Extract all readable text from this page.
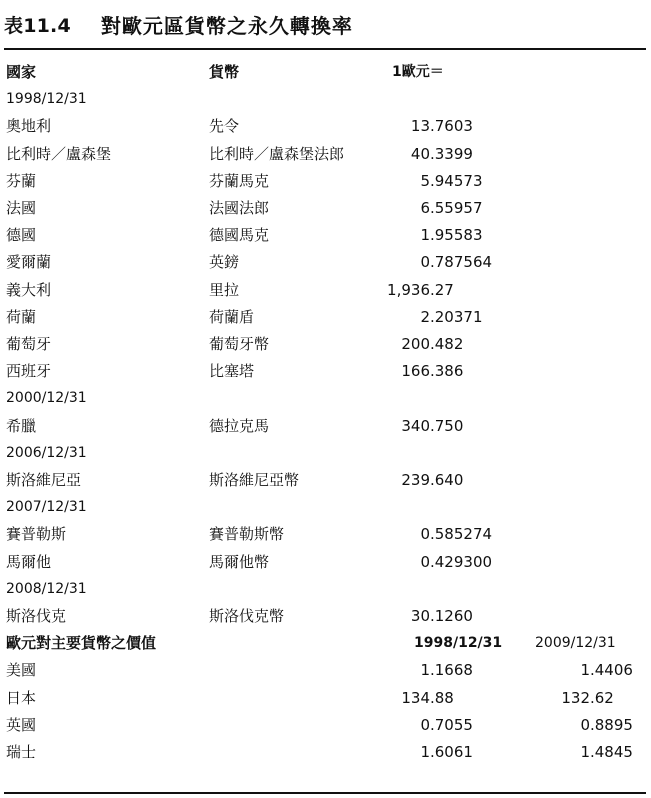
表11.4 對歐元區貨幣之永久轉換率
國家	貨幣	1歐元＝
1998/12/31
奧地利	先令	13.7603
比利時／盧森堡	比利時／盧森堡法郎	40.3399
芬蘭	芬蘭馬克	5.94573
法國	法國法郎	6.55957
德國	德國馬克	1.95583
愛爾蘭	英鎊	0.787564
義大利	里拉	1,936.27
荷蘭	荷蘭盾	2.20371
葡萄牙	葡萄牙幣	200.482
西班牙	比塞塔	166.386
2000/12/31
希臘	德拉克馬	340.750
2006/12/31
斯洛維尼亞	斯洛維尼亞幣	239.640
2007/12/31
賽普勒斯	賽普勒斯幣	0.585274
馬爾他	馬爾他幣	0.429300
2008/12/31
斯洛伐克	斯洛伐克幣	30.1260
歐元對主要貨幣之價值	1998/12/31 2009/12/31
美國	1.1668	1.4406
日本	134.88	132.62
英國	0.7055	0.8895
瑞士	1.6061	1.4845
